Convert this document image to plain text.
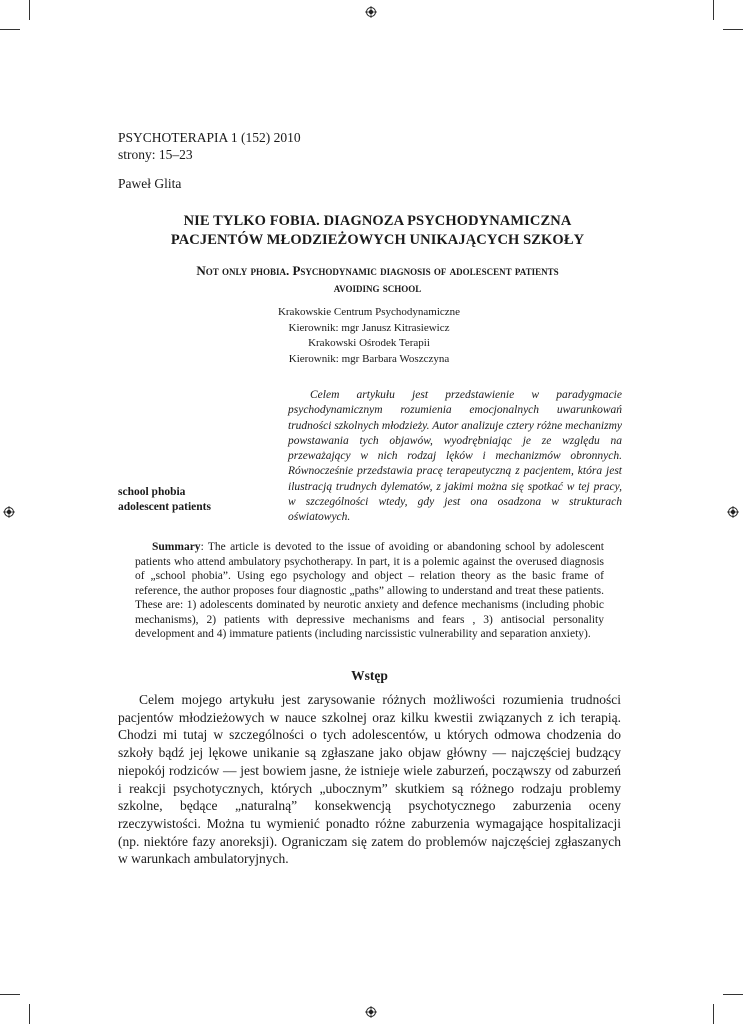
PSYCHOTERAPIA 1 (152) 2010
strony: 15–23
Paweł Glita
NIE TYLKO FOBIA. DIAGNOZA PSYCHODYNAMICZNA
PACJENTÓW MŁODZIEŻOWYCH UNIKAJĄCYCH SZKOŁY
Not only phobia. Psychodynamic diagnosis of adolescent patients
avoiding school
Krakowskie Centrum Psychodynamiczne
Kierownik: mgr Janusz Kitrasiewicz
Krakowski Ośrodek Terapii
Kierownik: mgr Barbara Woszczyna

Celem artykułu jest przedstawienie w paradygmacie psychodynamicznym rozumienia emocjonalnych uwarunkowań trudności szkolnych młodzieży. Autor analizuje cztery różne mechanizmy powstawania tych objawów, wyodrębniając je ze względu na przeważający w nich rodzaj lęków i mechanizmów obronnych. Równocześnie przedstawia pracę terapeutyczną z pacjentem, która jest ilustracją trudnych dylematów, z jakimi można się spotkać w tej pracy, w szczególności wtedy, gdy jest ona osadzona w strukturach oświatowych.

school phobia
adolescent patients

Summary: The article is devoted to the issue of avoiding or abandoning school by adolescent patients who attend ambulatory psychotherapy. In part, it is a polemic against the overused diagnosis of „school phobia”. Using ego psychology and object – relation theory as the basic frame of reference, the author proposes four diagnostic „paths” allowing to understand and treat these patients. These are: 1) adolescents dominated by neurotic anxiety and defence mechanisms (including phobic mechanisms), 2) patients with depressive mechanisms and fears , 3) antisocial personality development and 4) immature patients (including narcissistic vulnerability and separation anxiety).

Wstęp

Celem mojego artykułu jest zarysowanie różnych możliwości rozumienia trudności pacjentów młodzieżowych w nauce szkolnej oraz kilku kwestii związanych z ich terapią. Chodzi mi tutaj w szczególności o tych adolescentów, u których odmowa chodzenia do szkoły bądź jej lękowe unikanie są zgłaszane jako objaw główny — najczęściej budzący niepokój rodziców — jest bowiem jasne, że istnieje wiele zaburzeń, począwszy od zaburzeń i reakcji psychotycznych, których „ubocznym” skutkiem są różnego rodzaju problemy szkolne, będące „naturalną” konsekwencją psychotycznego zaburzenia oceny rzeczywistości. Można tu wymienić ponadto różne zaburzenia wymagające hospitalizacji (np. niektóre fazy anoreksji). Ograniczam się zatem do problemów najczęściej zgłaszanych w warunkach ambulatoryjnych.
